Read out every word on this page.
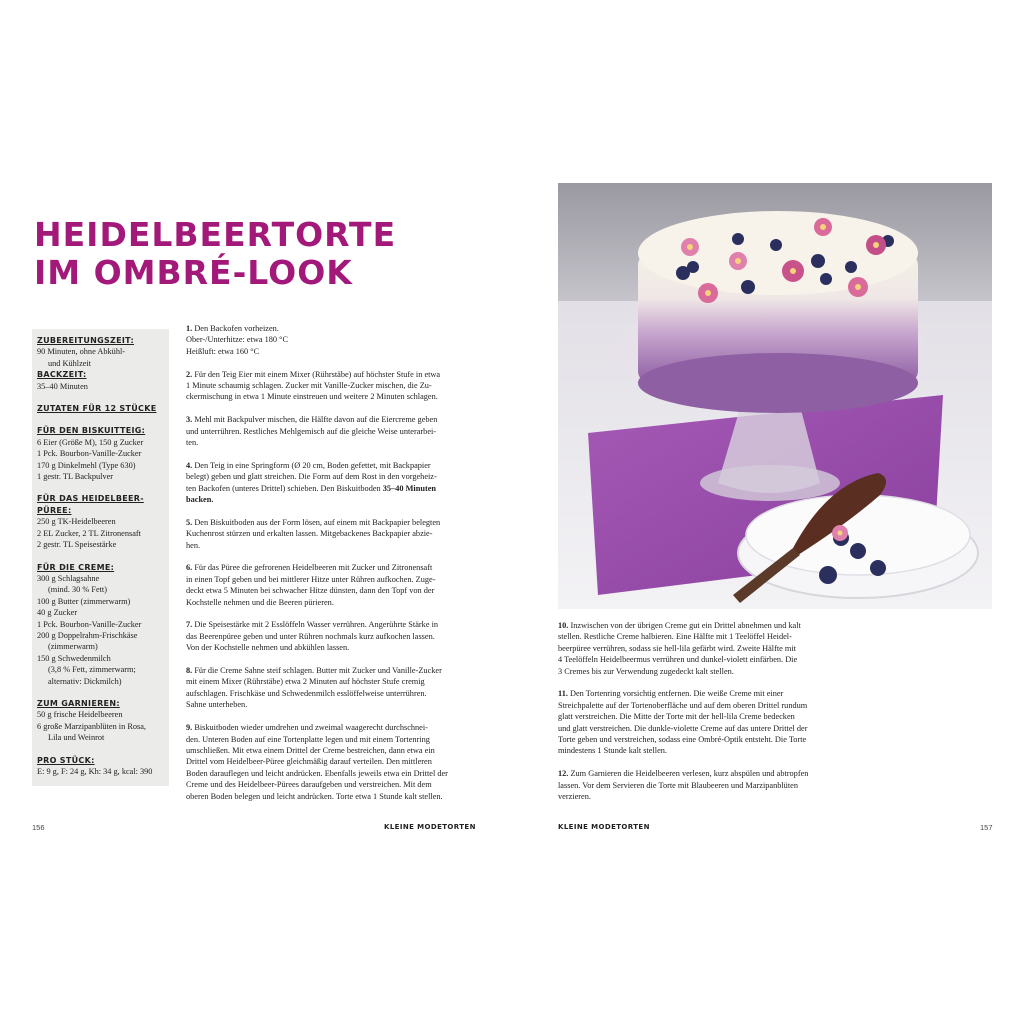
HEIDELBEERTORTE
IM OMBRÉ-LOOK
ZUBEREITUNGSZEIT:
90 Minuten, ohne Abkühl-
und Kühlzeit
BACKZEIT:
35–40 Minuten
ZUTATEN FÜR 12 STÜCKE
FÜR DEN BISKUITTEIG:
6 Eier (Größe M), 150 g Zucker
1 Pck. Bourbon-Vanille-Zucker
170 g Dinkelmehl (Type 630)
1 gestr. TL Backpulver
FÜR DAS HEIDELBEER-
PÜREE:
250 g TK-Heidelbeeren
2 EL Zucker, 2 TL Zitronensaft
2 gestr. TL Speisestärke
FÜR DIE CREME:
300 g Schlagsahne
(mind. 30 % Fett)
100 g Butter (zimmerwarm)
40 g Zucker
1 Pck. Bourbon-Vanille-Zucker
200 g Doppelrahm-Frischkäse
(zimmerwarm)
150 g Schwedenmilch
(3,8 % Fett, zimmerwarm;
alternativ: Dickmilch)
ZUM GARNIEREN:
50 g frische Heidelbeeren
6 große Marzipanblüten in Rosa,
Lila und Weinrot
PRO STÜCK:
E: 9 g, F: 24 g, Kh: 34 g, kcal: 390

1. Den Backofen vorheizen.
Ober-/Unterhitze: etwa 180 °C
Heißluft: etwa 160 °C

2. Für den Teig Eier mit einem Mixer (Rührstäbe) auf höchster Stufe in etwa
1 Minute schaumig schlagen. Zucker mit Vanille-Zucker mischen, die Zu-
ckermischung in etwa 1 Minute einstreuen und weitere 2 Minuten schlagen.

3. Mehl mit Backpulver mischen, die Hälfte davon auf die Eiercreme geben
und unterrühren. Restliches Mehlgemisch auf die gleiche Weise unterarbei-
ten.

4. Den Teig in eine Springform (Ø 20 cm, Boden gefettet, mit Backpapier
belegt) geben und glatt streichen. Die Form auf dem Rost in den vorgeheiz-
ten Backofen (unteres Drittel) schieben. Den Biskuitboden 35–40 Minuten
backen.

5. Den Biskuitboden aus der Form lösen, auf einem mit Backpapier belegten
Kuchenrost stürzen und erkalten lassen. Mitgebackenes Backpapier abzie-
hen.

6. Für das Püree die gefrorenen Heidelbeeren mit Zucker und Zitronensaft
in einen Topf geben und bei mittlerer Hitze unter Rühren aufkochen. Zuge-
deckt etwa 5 Minuten bei schwacher Hitze dünsten, dann den Topf von der
Kochstelle nehmen und die Beeren pürieren.

7. Die Speisestärke mit 2 Esslöffeln Wasser verrühren. Angerührte Stärke in
das Beerenpüree geben und unter Rühren nochmals kurz aufkochen lassen.
Von der Kochstelle nehmen und abkühlen lassen.

8. Für die Creme Sahne steif schlagen. Butter mit Zucker und Vanille-Zucker
mit einem Mixer (Rührstäbe) etwa 2 Minuten auf höchster Stufe cremig
aufschlagen. Frischkäse und Schwedenmilch esslöffelweise unterrühren.
Sahne unterheben.

9. Biskuitboden wieder umdrehen und zweimal waagerecht durchschnei-
den. Unteren Boden auf eine Tortenplatte legen und mit einem Tortenring
umschließen. Mit etwa einem Drittel der Creme bestreichen, dann etwa ein
Drittel vom Heidelbeer-Püree gleichmäßig darauf verteilen. Den mittleren
Boden darauflegen und leicht andrücken. Ebenfalls jeweils etwa ein Drittel der
Creme und des Heidelbeer-Pürees daraufgeben und verstreichen. Mit dem
oberen Boden belegen und leicht andrücken. Torte etwa 1 Stunde kalt stellen.

10. Inzwischen von der übrigen Creme gut ein Drittel abnehmen und kalt
stellen. Restliche Creme halbieren. Eine Hälfte mit 1 Teelöffel Heidel-
beerpüree verrühren, sodass sie hell-lila gefärbt wird. Zweite Hälfte mit
4 Teelöffeln Heidelbeermus verrühren und dunkel-violett einfärben. Die
3 Cremes bis zur Verwendung zugedeckt kalt stellen.

11. Den Tortenring vorsichtig entfernen. Die weiße Creme mit einer
Streichpalette auf der Tortenoberfläche und auf dem oberen Drittel rundum
glatt verstreichen. Die Mitte der Torte mit der hell-lila Creme bedecken
und glatt verstreichen. Die dunkle-violette Creme auf das untere Drittel der
Torte geben und verstreichen, sodass eine Ombré-Optik entsteht. Die Torte
mindestens 1 Stunde kalt stellen.

12. Zum Garnieren die Heidelbeeren verlesen, kurz abspülen und abtropfen
lassen. Vor dem Servieren die Torte mit Blaubeeren und Marzipanblüten
verzieren.

156	KLEINE MODETORTEN	KLEINE MODETORTEN	157
